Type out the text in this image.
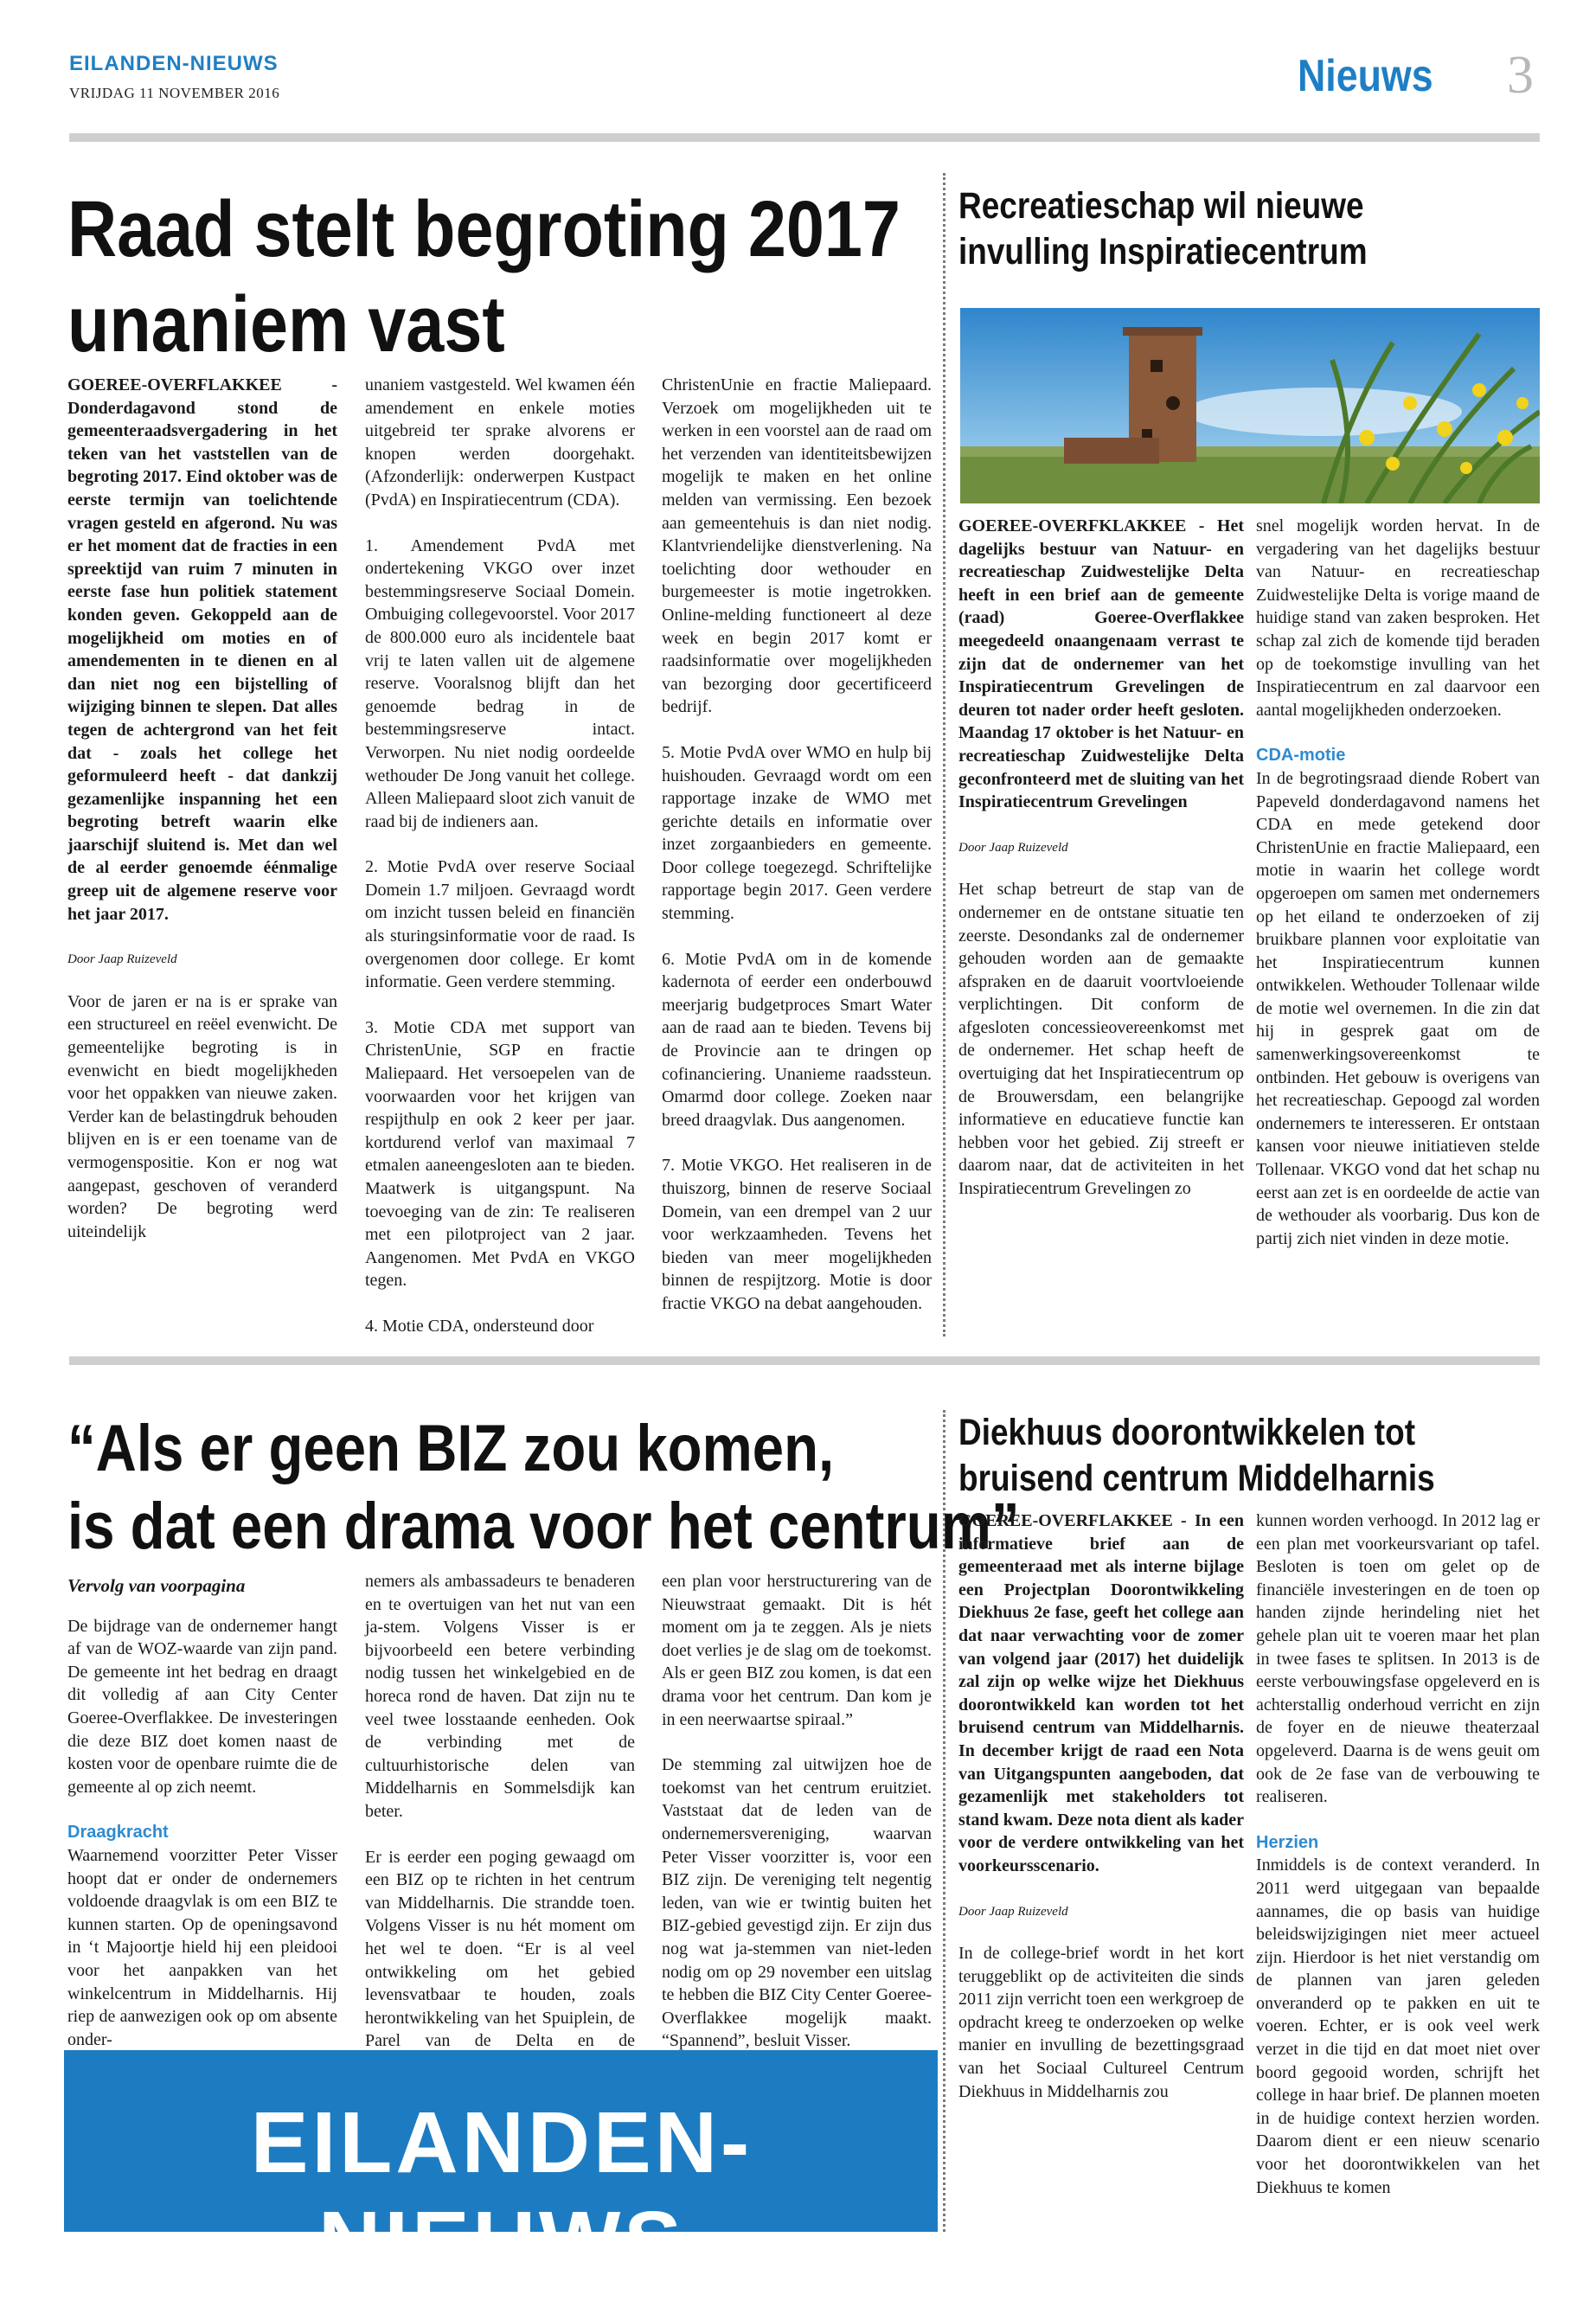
EILANDEN-NIEUWS
VRIJDAG 11 NOVEMBER 2016	Nieuws 3
Raad stelt begroting 2017
unaniem vast

GOEREE-OVERFLAKKEE - Donderdagavond stond de gemeenteraadsvergadering in het teken van het vaststellen van de begroting 2017. Eind oktober was de eerste termijn van toelichtende vragen gesteld en afgerond. Nu was er het moment dat de fracties in een spreektijd van ruim 7 minuten in eerste fase hun politiek statement konden geven. Gekoppeld aan de mogelijkheid om moties en of amendementen in te dienen en al dan niet nog een bijstelling of wijziging binnen te slepen. Dat alles tegen de achtergrond van het feit dat - zoals het college het geformuleerd heeft - dat dankzij gezamenlijke inspanning het een begroting betreft waarin elke jaarschijf sluitend is. Met dan wel de al eerder genoemde éénmalige greep uit de algemene reserve voor het jaar 2017.

Door Jaap Ruizeveld

Voor de jaren er na is er sprake van een structureel en reëel evenwicht. De gemeentelijke begroting is in evenwicht en biedt mogelijkheden voor het oppakken van nieuwe zaken. Verder kan de belastingdruk behouden blijven en is er een toename van de vermogenspositie. Kon er nog wat aangepast, geschoven of veranderd worden? De begroting werd uiteindelijk

unaniem vastgesteld. Wel kwamen één amendement en enkele moties uitgebreid ter sprake alvorens er knopen werden doorgehakt. (Afzonderlijk: onderwerpen Kustpact (PvdA) en Inspiratiecentrum (CDA).

1. Amendement PvdA met ondertekening VKGO over inzet bestemmingsreserve Sociaal Domein. Ombuiging collegevoorstel. Voor 2017 de 800.000 euro als incidentele baat vrij te laten vallen uit de algemene reserve. Vooralsnog blijft dan het genoemde bedrag in de bestemmingsreserve intact. Verworpen. Nu niet nodig oordeelde wethouder De Jong vanuit het college. Alleen Maliepaard sloot zich vanuit de raad bij de indieners aan.

2. Motie PvdA over reserve Sociaal Domein 1.7 miljoen. Gevraagd wordt om inzicht tussen beleid en financiën als sturingsinformatie voor de raad. Is overgenomen door college. Er komt informatie. Geen verdere stemming.

3. Motie CDA met support van ChristenUnie, SGP en fractie Maliepaard. Het versoepelen van de voorwaarden voor het krijgen van respijthulp en ook 2 keer per jaar. kortdurend verlof van maximaal 7 etmalen aaneengesloten aan te bieden. Maatwerk is uitgangspunt. Na toevoeging van de zin: Te realiseren met een pilotproject van 2 jaar. Aangenomen. Met PvdA en VKGO tegen.

4. Motie CDA, ondersteund door

ChristenUnie en fractie Maliepaard. Verzoek om mogelijkheden uit te werken in een voorstel aan de raad om het verzenden van identiteitsbewijzen mogelijk te maken en het online melden van vermissing. Een bezoek aan gemeentehuis is dan niet nodig. Klantvriendelijke dienstverlening. Na toelichting door wethouder en burgemeester is motie ingetrokken. Online-melding functioneert al deze week en begin 2017 komt er raadsinformatie over mogelijkheden van bezorging door gecertificeerd bedrijf.

5. Motie PvdA over WMO en hulp bij huishouden. Gevraagd wordt om een rapportage inzake de WMO met gerichte details en informatie over inzet zorgaanbieders en gemeente. Door college toegezegd. Schriftelijke rapportage begin 2017. Geen verdere stemming.

6. Motie PvdA om in de komende kadernota of eerder een onderbouwd meerjarig budgetproces Smart Water aan de raad aan te bieden. Tevens bij de Provincie aan te dringen op cofinanciering. Unanieme raadssteun. Omarmd door college. Zoeken naar breed draagvlak. Dus aangenomen.

7. Motie VKGO. Het realiseren in de thuiszorg, binnen de reserve Sociaal Domein, van een drempel van 2 uur voor werkzaamheden. Tevens het bieden van meer mogelijkheden binnen de respijtzorg. Motie is door fractie VKGO na debat aangehouden.

Recreatieschap wil nieuwe
invulling Inspiratiecentrum

GOEREE-OVERFKLAKKEE - Het dagelijks bestuur van Natuur- en recreatieschap Zuidwestelijke Delta heeft in een brief aan de gemeente (raad) Goeree-Overflakkee meegedeeld onaangenaam verrast te zijn dat de ondernemer van het Inspiratiecentrum Grevelingen de deuren tot nader order heeft gesloten. Maandag 17 oktober is het Natuur- en recreatieschap Zuidwestelijke Delta geconfronteerd met de sluiting van het Inspiratiecentrum Grevelingen

Door Jaap Ruizeveld

Het schap betreurt de stap van de ondernemer en de ontstane situatie ten zeerste. Desondanks zal de ondernemer gehouden worden aan de gemaakte afspraken en de daaruit voortvloeiende verplichtingen. Dit conform de afgesloten concessieovereenkomst met de ondernemer. Het schap heeft de overtuiging dat het Inspiratiecentrum op de Brouwersdam, een belangrijke informatieve en educatieve functie kan hebben voor het gebied. Zij streeft er daarom naar, dat de activiteiten in het Inspiratiecentrum Grevelingen zo

snel mogelijk worden hervat. In de vergadering van het dagelijks bestuur van Natuur- en recreatieschap Zuidwestelijke Delta is vorige maand de huidige stand van zaken besproken. Het schap zal zich de komende tijd beraden op de toekomstige invulling van het Inspiratiecentrum en zal daarvoor een aantal mogelijkheden onderzoeken.

CDA-motie

In de begrotingsraad diende Robert van Papeveld donderdagavond namens het CDA en mede getekend door ChristenUnie en fractie Maliepaard, een motie in waarin het college wordt opgeroepen om samen met ondernemers op het eiland te onderzoeken of zij bruikbare plannen voor exploitatie van het Inspiratiecentrum kunnen ontwikkelen. Wethouder Tollenaar wilde de motie wel overnemen. In die zin dat hij in gesprek gaat om de samenwerkingsovereenkomst te ontbinden. Het gebouw is overigens van het recreatieschap. Gepoogd zal worden ondernemers te interesseren. Er ontstaan kansen voor nieuwe initiatieven stelde Tollenaar. VKGO vond dat het schap nu eerst aan zet is en oordeelde de actie van de wethouder als voorbarig. Dus kon de partij zich niet vinden in deze motie.

“Als er geen BIZ zou komen,
is dat een drama voor het centrum”

Vervolg van voorpagina

De bijdrage van de ondernemer hangt af van de WOZ-waarde van zijn pand. De gemeente int het bedrag en draagt dit volledig af aan City Center Goeree-Overflakkee. De investeringen die deze BIZ doet komen naast de kosten voor de openbare ruimte die de gemeente al op zich neemt.

Draagkracht

Waarnemend voorzitter Peter Visser hoopt dat er onder de ondernemers voldoende draagvlak is om een BIZ te kunnen starten. Op de openingsavond in ‘t Majoortje hield hij een pleidooi voor het aanpakken van het winkelcentrum in Middelharnis. Hij riep de aanwezigen ook op om absente onder-

nemers als ambassadeurs te benaderen en te overtuigen van het nut van een ja-stem. Volgens Visser is er bijvoorbeeld een betere verbinding nodig tussen het winkelgebied en de horeca rond de haven. Dat zijn nu te veel twee losstaande eenheden. Ook de verbinding met de cultuurhistorische delen van Middelharnis en Sommelsdijk kan beter.

Er is eerder een poging gewaagd om een BIZ op te richten in het centrum van Middelharnis. Die strandde toen. Volgens Visser is nu hét moment om het wel te doen. “Er is al veel ontwikkeling om het gebied levensvatbaar te houden, zoals herontwikkeling van het Spuiplein, de Parel van de Delta en de

een plan voor herstructurering van de Nieuwstraat gemaakt. Dit is hét moment om ja te zeggen. Als je niets doet verlies je de slag om de toekomst. Als er geen BIZ zou komen, is dat een drama voor het centrum. Dan kom je in een neerwaartse spiraal.”

De stemming zal uitwijzen hoe de toekomst van het centrum eruitziet. Vaststaat dat de leden van de ondernemersvereniging, waarvan Peter Visser voorzitter is, voor een BIZ zijn. De vereniging telt negentig leden, van wie er twintig buiten het BIZ-gebied gevestigd zijn. Er zijn dus nog wat ja-stemmen van niet-leden nodig om op 29 november een uitslag te hebben die BIZ City Center Goeree-Overflakkee mogelijk maakt. “Spannend”, besluit Visser.

Diekhuus doorontwikkelen tot
bruisend centrum Middelharnis

GOEREE-OVERFLAKKEE - In een informatieve brief aan de gemeenteraad met als interne bijlage een Projectplan Doorontwikkeling Diekhuus 2e fase, geeft het college aan dat naar verwachting voor de zomer van volgend jaar (2017) het duidelijk zal zijn op welke wijze het Diekhuus doorontwikkeld kan worden tot het bruisend centrum van Middelharnis. In december krijgt de raad een Nota van Uitgangspunten aangeboden, dat gezamenlijk met stakeholders tot stand kwam. Deze nota dient als kader voor de verdere ontwikkeling van het voorkeursscenario.

Door Jaap Ruizeveld

In de college-brief wordt in het kort teruggeblikt op de activiteiten die sinds 2011 zijn verricht toen een werkgroep de opdracht kreeg te onderzoeken op welke manier en invulling de bezettingsgraad van het Sociaal Cultureel Centrum Diekhuus in Middelharnis zou

kunnen worden verhoogd. In 2012 lag er een plan met voorkeursvariant op tafel. Besloten is toen om gelet op de financiële investeringen en de toen op handen zijnde herindeling niet het gehele plan uit te voeren maar het plan in twee fases te splitsen. In 2013 is de eerste verbouwingsfase opgeleverd en is achterstallig onderhoud verricht en zijn de foyer en de nieuwe theaterzaal opgeleverd. Daarna is de wens geuit om ook de 2e fase van de verbouwing te realiseren.

Herzien

Inmiddels is de context veranderd. In 2011 werd uitgegaan van bepaalde aannames, die op basis van huidige beleidswijzigingen niet meer actueel zijn. Hierdoor is het niet verstandig om de plannen van jaren geleden onveranderd op te pakken en uit te voeren. Echter, er is ook veel werk verzet in die tijd en dat moet niet over boord gegooid worden, schrijft het college in haar brief. De plannen moeten in de huidige context herzien worden. Daarom dient er een nieuw scenario voor het doorontwikkelen van het Diekhuus te komen

EILANDEN-NIEUWS
